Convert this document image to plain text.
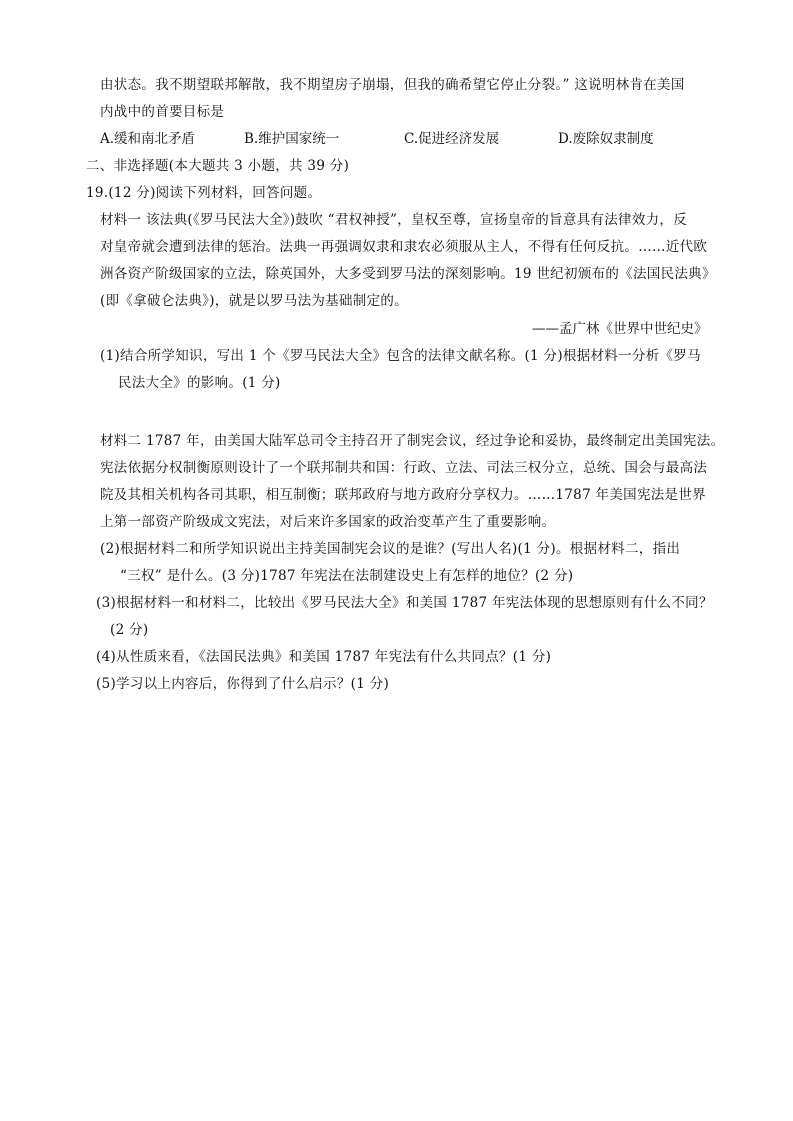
由状态。我不期望联邦解散，我不期望房子崩塌，但我的确希望它停止分裂。” 这说明林肯在美国
内战中的首要目标是
A.缓和南北矛盾	B.维护国家统一	C.促进经济发展	D.废除奴隶制度
二、非选择题(本大题共 3 小题，共 39 分)
19.(12 分)阅读下列材料，回答问题。
材料一 该法典(《罗马民法大全》)鼓吹 “君权神授”，皇权至尊，宣扬皇帝的旨意具有法律效力，反
对皇帝就会遭到法律的惩治。法典一再强调奴隶和隶农必须服从主人，不得有任何反抗。……近代欧
洲各资产阶级国家的立法，除英国外，大多受到罗马法的深刻影响。19 世纪初颁布的《法国民法典》
(即《拿破仑法典》)，就是以罗马法为基础制定的。
——孟广林《世界中世纪史》
(1)结合所学知识，写出 1 个《罗马民法大全》包含的法律文献名称。(1 分)根据材料一分析《罗马
民法大全》的影响。(1 分)
材料二 1787 年，由美国大陆军总司令主持召开了制宪会议，经过争论和妥协，最终制定出美国宪法。
宪法依据分权制衡原则设计了一个联邦制共和国：行政、立法、司法三权分立，总统、国会与最高法
院及其相关机构各司其职，相互制衡；联邦政府与地方政府分享权力。……1787 年美国宪法是世界
上第一部资产阶级成文宪法，对后来许多国家的政治变革产生了重要影响。
(2)根据材料二和所学知识说出主持美国制宪会议的是谁？(写出人名)(1 分)。根据材料二，指出
“三权” 是什么。(3 分)1787 年宪法在法制建设史上有怎样的地位？(2 分)
(3)根据材料一和材料二，比较出《罗马民法大全》和美国 1787 年宪法体现的思想原则有什么不同？
(2 分)
(4)从性质来看，《法国民法典》和美国 1787 年宪法有什么共同点？(1 分)
(5)学习以上内容后，你得到了什么启示？(1 分)
